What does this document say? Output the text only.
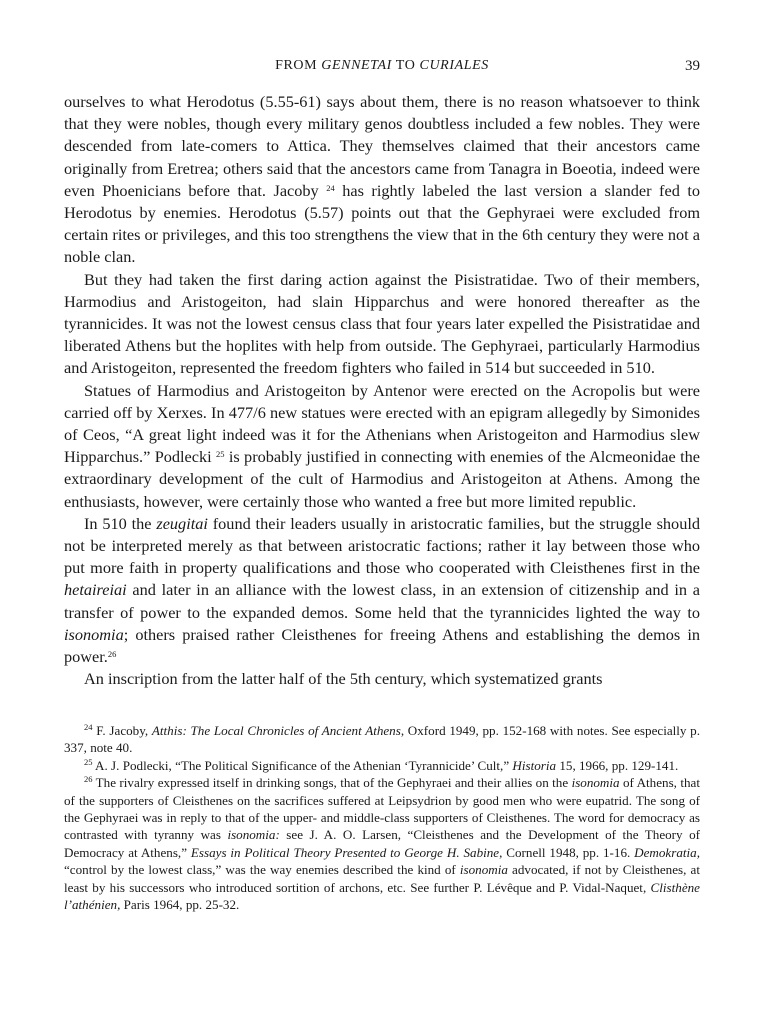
FROM GENNETAI TO CURIALES	39

ourselves to what Herodotus (5.55-61) says about them, there is no reason whatsoever to think that they were nobles, though every military genos doubtless included a few nobles. They were descended from late-comers to Attica. They themselves claimed that their ancestors came originally from Eretrea; others said that the ancestors came from Tanagra in Boeotia, indeed were even Phoenicians before that. Jacoby $^{24}$ has rightly labeled the last version a slander fed to Herodotus by enemies. Herodotus (5.57) points out that the Gephyraei were excluded from certain rites or privileges, and this too strengthens the view that in the 6th century they were not a noble clan.

But they had taken the first daring action against the Pisistratidae. Two of their members, Harmodius and Aristogeiton, had slain Hipparchus and were honored thereafter as the tyrannicides. It was not the lowest census class that four years later expelled the Pisistratidae and liberated Athens but the hoplites with help from outside. The Gephyraei, particularly Harmodius and Aristogeiton, represented the freedom fighters who failed in 514 but succeeded in 510.

Statues of Harmodius and Aristogeiton by Antenor were erected on the Acropolis but were carried off by Xerxes. In 477/6 new statues were erected with an epigram allegedly by Simonides of Ceos, “A great light indeed was it for the Athenians when Aristogeiton and Harmodius slew Hipparchus.” Podlecki $^{25}$ is probably justified in connecting with enemies of the Alcmeonidae the extraordinary development of the cult of Harmodius and Aristogeiton at Athens. Among the enthusiasts, however, were certainly those who wanted a free but more limited republic.

In 510 the zeugitai found their leaders usually in aristocratic families, but the struggle should not be interpreted merely as that between aristocratic factions; rather it lay between those who put more faith in property qualifications and those who cooperated with Cleisthenes first in the hetaireiai and later in an alliance with the lowest class, in an extension of citizenship and in a transfer of power to the expanded demos. Some held that the tyrannicides lighted the way to isonomia; others praised rather Cleisthenes for freeing Athens and establishing the demos in power.$^{26}$

An inscription from the latter half of the 5th century, which systematized grants

$^{24}$ F. Jacoby, Atthis: The Local Chronicles of Ancient Athens, Oxford 1949, pp. 152-168 with notes. See especially p. 337, note 40.

$^{25}$ A. J. Podlecki, “The Political Significance of the Athenian ‘Tyrannicide’ Cult,” Historia 15, 1966, pp. 129-141.

$^{26}$ The rivalry expressed itself in drinking songs, that of the Gephyraei and their allies on the isonomia of Athens, that of the supporters of Cleisthenes on the sacrifices suffered at Leipsydrion by good men who were eupatrid. The song of the Gephyraei was in reply to that of the upper- and middle-class supporters of Cleisthenes. The word for democracy as contrasted with tyranny was isonomia: see J. A. O. Larsen, “Cleisthenes and the Development of the Theory of Democracy at Athens,” Essays in Political Theory Presented to George H. Sabine, Cornell 1948, pp. 1-16. Demokratia, “control by the lowest class,” was the way enemies described the kind of isonomia advocated, if not by Cleisthenes, at least by his successors who introduced sortition of archons, etc. See further P. Lévêque and P. Vidal-Naquet, Clisthène l’athénien, Paris 1964, pp. 25-32.
